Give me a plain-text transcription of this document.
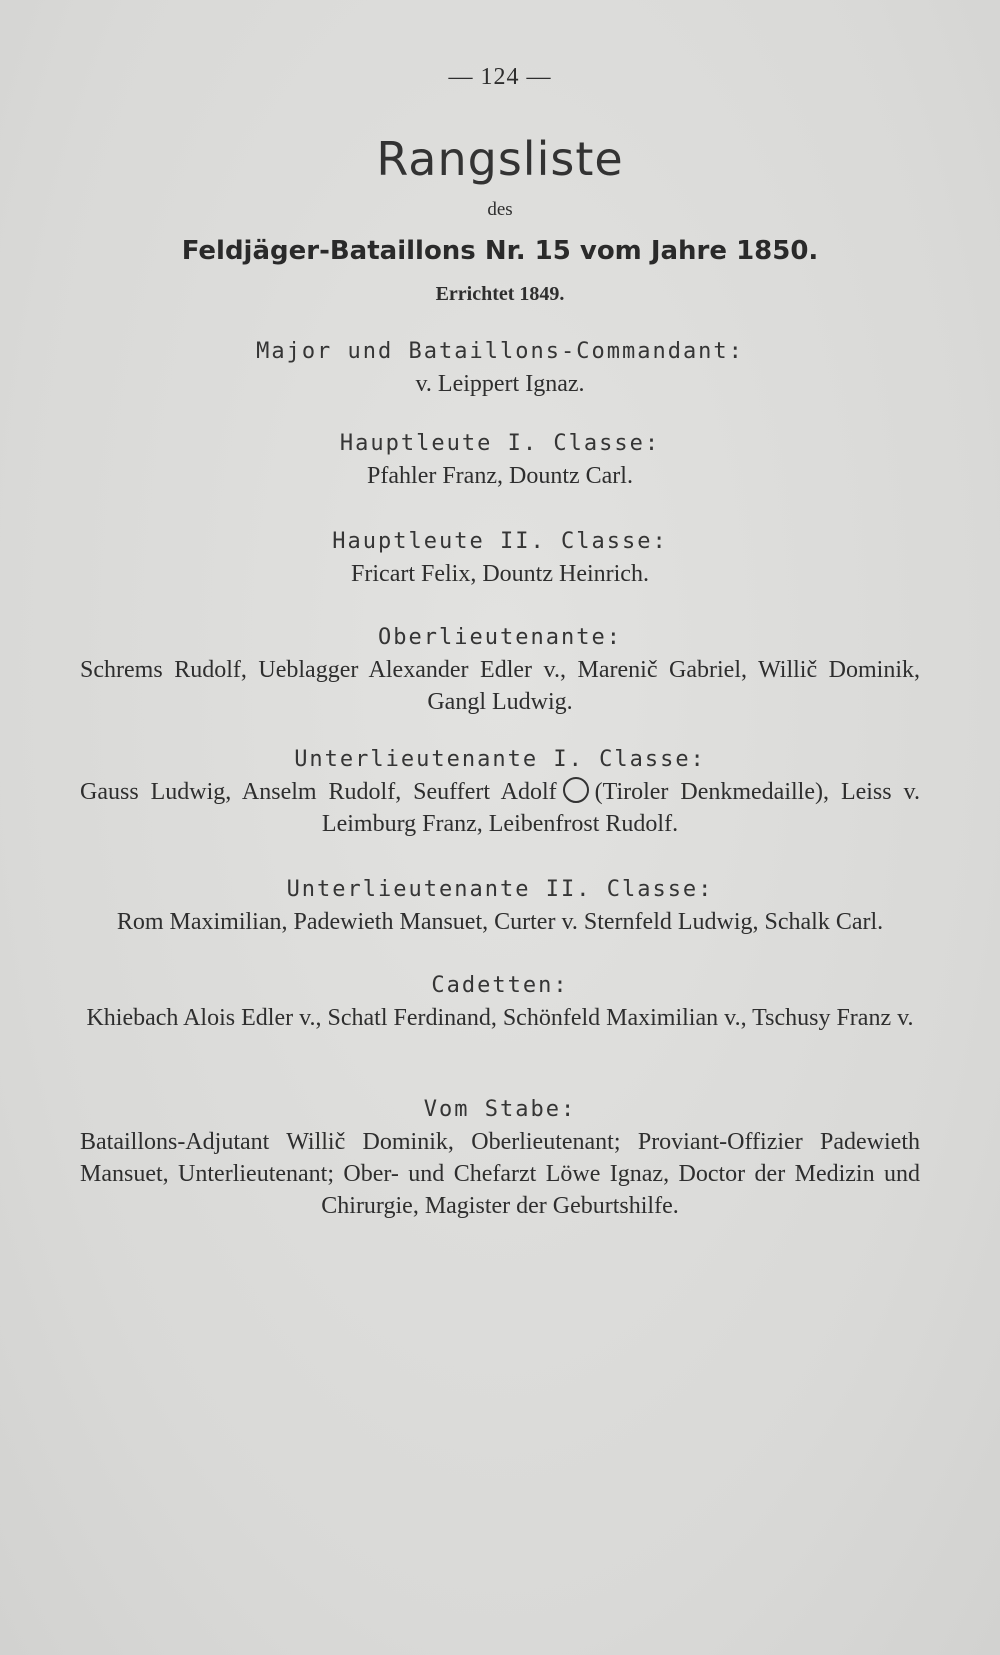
— 124 —
Rangsliste
des
Feldjäger-Bataillons Nr. 15 vom Jahre 1850.
Errichtet 1849.
Major und Bataillons-Commandant:
v. Leippert Ignaz.
Hauptleute I. Classe:
Pfahler Franz, Dountz Carl.
Hauptleute II. Classe:
Fricart Felix, Dountz Heinrich.
Oberlieutenante:
Schrems Rudolf, Ueblagger Alexander Edler v., Marenič Gabriel, Willič Dominik, Gangl Ludwig.
Unterlieutenante I. Classe:
Gauss Ludwig, Anselm Rudolf, Seuffert Adolf (Tiroler Denkmedaille), Leiss v. Leimburg Franz, Leibenfrost Rudolf.
Unterlieutenante II. Classe:
Rom Maximilian, Padewieth Mansuet, Curter v. Sternfeld Ludwig, Schalk Carl.
Cadetten:
Khiebach Alois Edler v., Schatl Ferdinand, Schönfeld Maximilian v., Tschusy Franz v.
Vom Stabe:
Bataillons-Adjutant Willič Dominik, Oberlieutenant; Proviant-Offizier Padewieth Mansuet, Unterlieutenant; Ober- und Chefarzt Löwe Ignaz, Doctor der Medizin und Chirurgie, Magister der Geburtshilfe.
